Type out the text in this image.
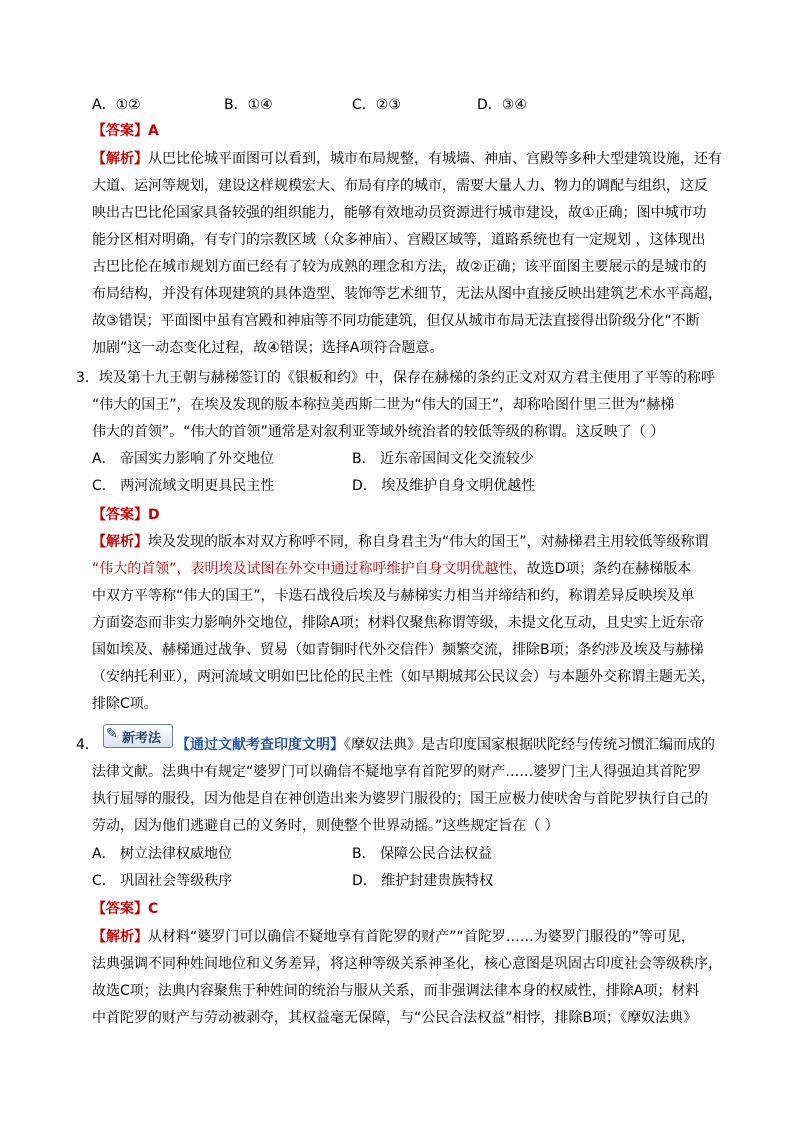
A．①②	B．①④	C．②③	D．③④
【答案】A
【解析】从巴比伦城平面图可以看到，城市布局规整，有城墙、神庙、宫殿等多种大型建筑设施，还有
大道、运河等规划，建设这样规模宏大、布局有序的城市，需要大量人力、物力的调配与组织，这反
映出古巴比伦国家具备较强的组织能力，能够有效地动员资源进行城市建设，故①正确；图中城市功
能分区相对明确，有专门的宗教区域（众多神庙）、宫殿区域等，道路系统也有一定规划 ，这体现出
古巴比伦在城市规划方面已经有了较为成熟的理念和方法，故②正确；该平面图主要展示的是城市的
布局结构，并没有体现建筑的具体造型、装饰等艺术细节，无法从图中直接反映出建筑艺术水平高超，
故③错误；平面图中虽有宫殿和神庙等不同功能建筑，但仅从城市布局无法直接得出阶级分化“不断
加剧”这一动态变化过程，故④错误；选择A项符合题意。
3．埃及第十九王朝与赫梯签订的《银板和约》中，保存在赫梯的条约正文对双方君主使用了平等的称呼
“伟大的国王”，在埃及发现的版本称拉美西斯二世为“伟大的国王”，却称哈图什里三世为“赫梯
伟大的首领”。“伟大的首领”通常是对叙利亚等域外统治者的较低等级的称谓。这反映了（ ）
A． 帝国实力影响了外交地位	B． 近东帝国间文化交流较少
C． 两河流域文明更具民主性	D． 埃及维护自身文明优越性
【答案】D
【解析】埃及发现的版本对双方称呼不同，称自身君主为“伟大的国王”，对赫梯君主用较低等级称谓
“伟大的首领”，表明埃及试图在外交中通过称呼维护自身文明优越性，故选D项；条约在赫梯版本
中双方平等称“伟大的国王”，卡迭石战役后埃及与赫梯实力相当并缔结和约，称谓差异反映埃及单
方面姿态而非实力影响外交地位，排除A项；材料仅聚焦称谓等级，未提文化互动，且史实上近东帝
国如埃及、赫梯通过战争、贸易（如青铜时代外交信件）频繁交流，排除B项；条约涉及埃及与赫梯
（安纳托利亚），两河流域文明如巴比伦的民主性（如早期城邦公民议会）与本题外交称谓主题无关，
排除C项。
4．
✎ 新考法 【通过文献考查印度文明】《摩奴法典》是古印度国家根据吠陀经与传统习惯汇编而成的
法律文献。法典中有规定“婆罗门可以确信不疑地享有首陀罗的财产……婆罗门主人得强迫其首陀罗
执行屈辱的服役，因为他是自在神创造出来为婆罗门服役的；国王应极力使吠舍与首陀罗执行自己的
劳动，因为他们逃避自己的义务时，则使整个世界动摇。”这些规定旨在（ ）
A． 树立法律权威地位	B． 保障公民合法权益
C． 巩固社会等级秩序	D． 维护封建贵族特权
【答案】C
【解析】从材料“婆罗门可以确信不疑地享有首陀罗的财产”“首陀罗……为婆罗门服役的”等可见，
法典强调不同种姓间地位和义务差异，将这种等级关系神圣化，核心意图是巩固古印度社会等级秩序，
故选C项；法典内容聚焦于种姓间的统治与服从关系，而非强调法律本身的权威性，排除A项；材料
中首陀罗的财产与劳动被剥夺，其权益毫无保障，与“公民合法权益”相悖，排除B项；《摩奴法典》
